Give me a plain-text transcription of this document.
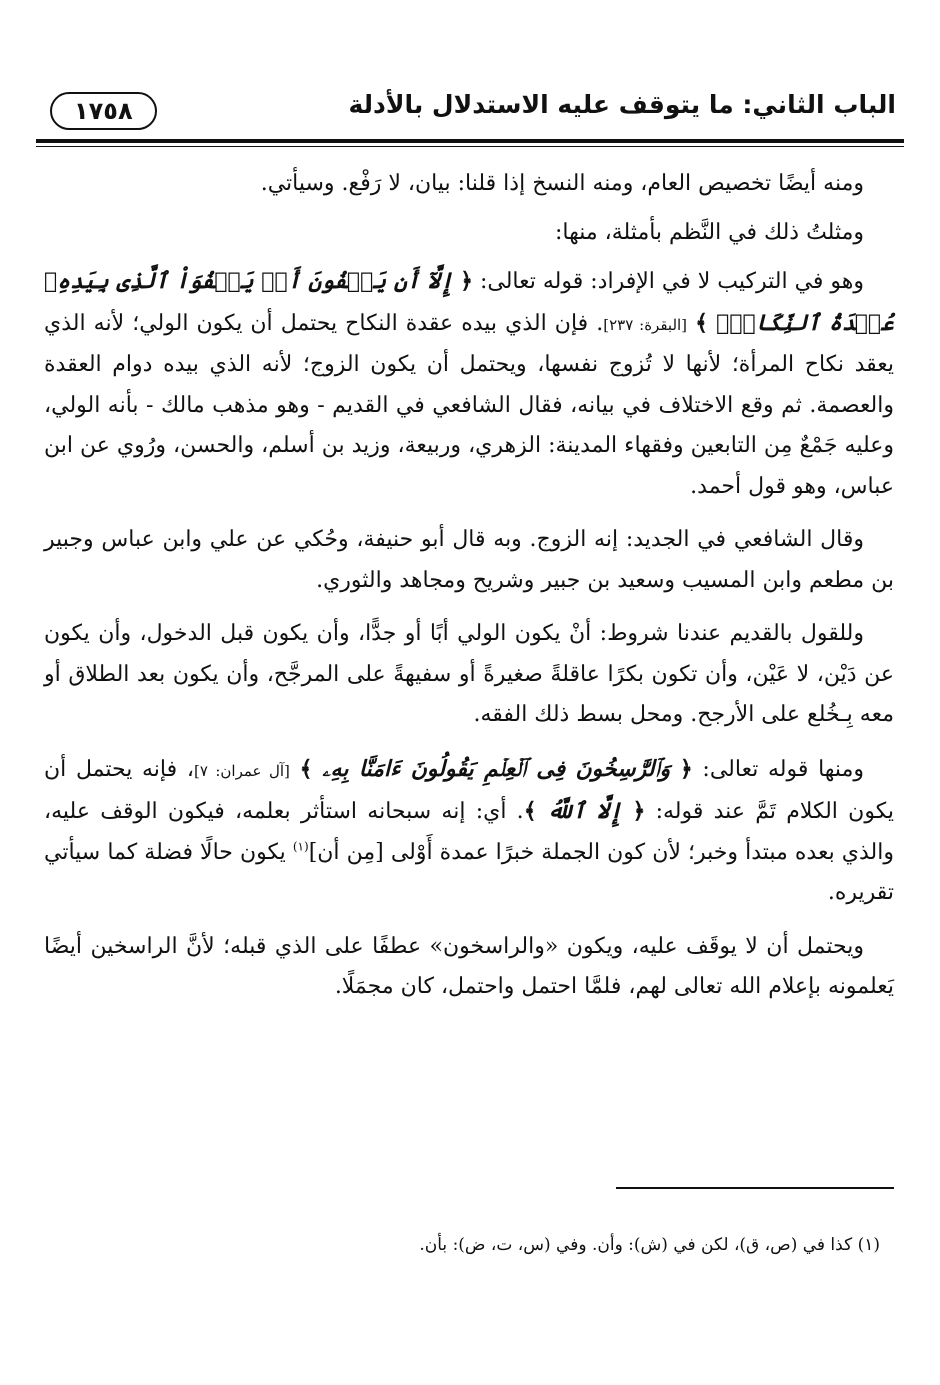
الباب الثاني: ما يتوقف عليه الاستدلال بالأدلة
١٧٥٨

ومنه أيضًا تخصيص العام، ومنه النسخ إذا قلنا: بيان، لا رَفْع. وسيأتي.

ومثلتُ ذلك في النَّظم بأمثلة، منها:

وهو في التركيب لا في الإفراد: قوله تعالى: ﴿ إِلَّآ أَن يَعۡفُونَ أَوۡ يَعۡفُوَاْ ٱلَّذِى بِيَدِهِۦ عُقۡدَةُ ٱلنِّكَاحِۚ ﴾ [البقرة: ٢٣٧]. فإن الذي بيده عقدة النكاح يحتمل أن يكون الولي؛ لأنه الذي يعقد نكاح المرأة؛ لأنها لا تُزوج نفسها، ويحتمل أن يكون الزوج؛ لأنه الذي بيده دوام العقدة والعصمة. ثم وقع الاختلاف في بيانه، فقال الشافعي في القديم - وهو مذهب مالك - بأنه الولي، وعليه جَمْعٌ مِن التابعين وفقهاء المدينة: الزهري، وربيعة، وزيد بن أسلم، والحسن، ورُوي عن ابن عباس، وهو قول أحمد.

وقال الشافعي في الجديد: إنه الزوج. وبه قال أبو حنيفة، وحُكي عن علي وابن عباس وجبير بن مطعم وابن المسيب وسعيد بن جبير وشريح ومجاهد والثوري.

وللقول بالقديم عندنا شروط: أنْ يكون الولي أبًا أو جدًّا، وأن يكون قبل الدخول، وأن يكون عن دَيْن، لا عَيْن، وأن تكون بكرًا عاقلةً صغيرةً أو سفيهةً على المرجَّح، وأن يكون بعد الطلاق أو معه بِـخُلع على الأرجح. ومحل بسط ذلك الفقه.

ومنها قوله تعالى: ﴿ وَٱلرَّٰسِخُونَ فِى ٱلۡعِلۡمِ يَقُولُونَ ءَامَنَّا بِهِۦ ﴾ [آل عمران: ٧]، فإنه يحتمل أن يكون الكلام تَمَّ عند قوله: ﴿ إِلَّا ٱللَّهُ ﴾. أي: إنه سبحانه استأثر بعلمه، فيكون الوقف عليه، والذي بعده مبتدأ وخبر؛ لأن كون الجملة خبرًا عمدة أَوْلى [مِن أن]$^{(١)}$ يكون حالًا فضلة كما سيأتي تقريره.

ويحتمل أن لا يوقَف عليه، ويكون «والراسخون» عطفًا على الذي قبله؛ لأنَّ الراسخين أيضًا يَعلمونه بإعلام الله تعالى لهم، فلمَّا احتمل واحتمل، كان مجمَلًا.

(١) كذا في (ص، ق)، لكن في (ش): وأن. وفي (س، ت، ض): بأن.
